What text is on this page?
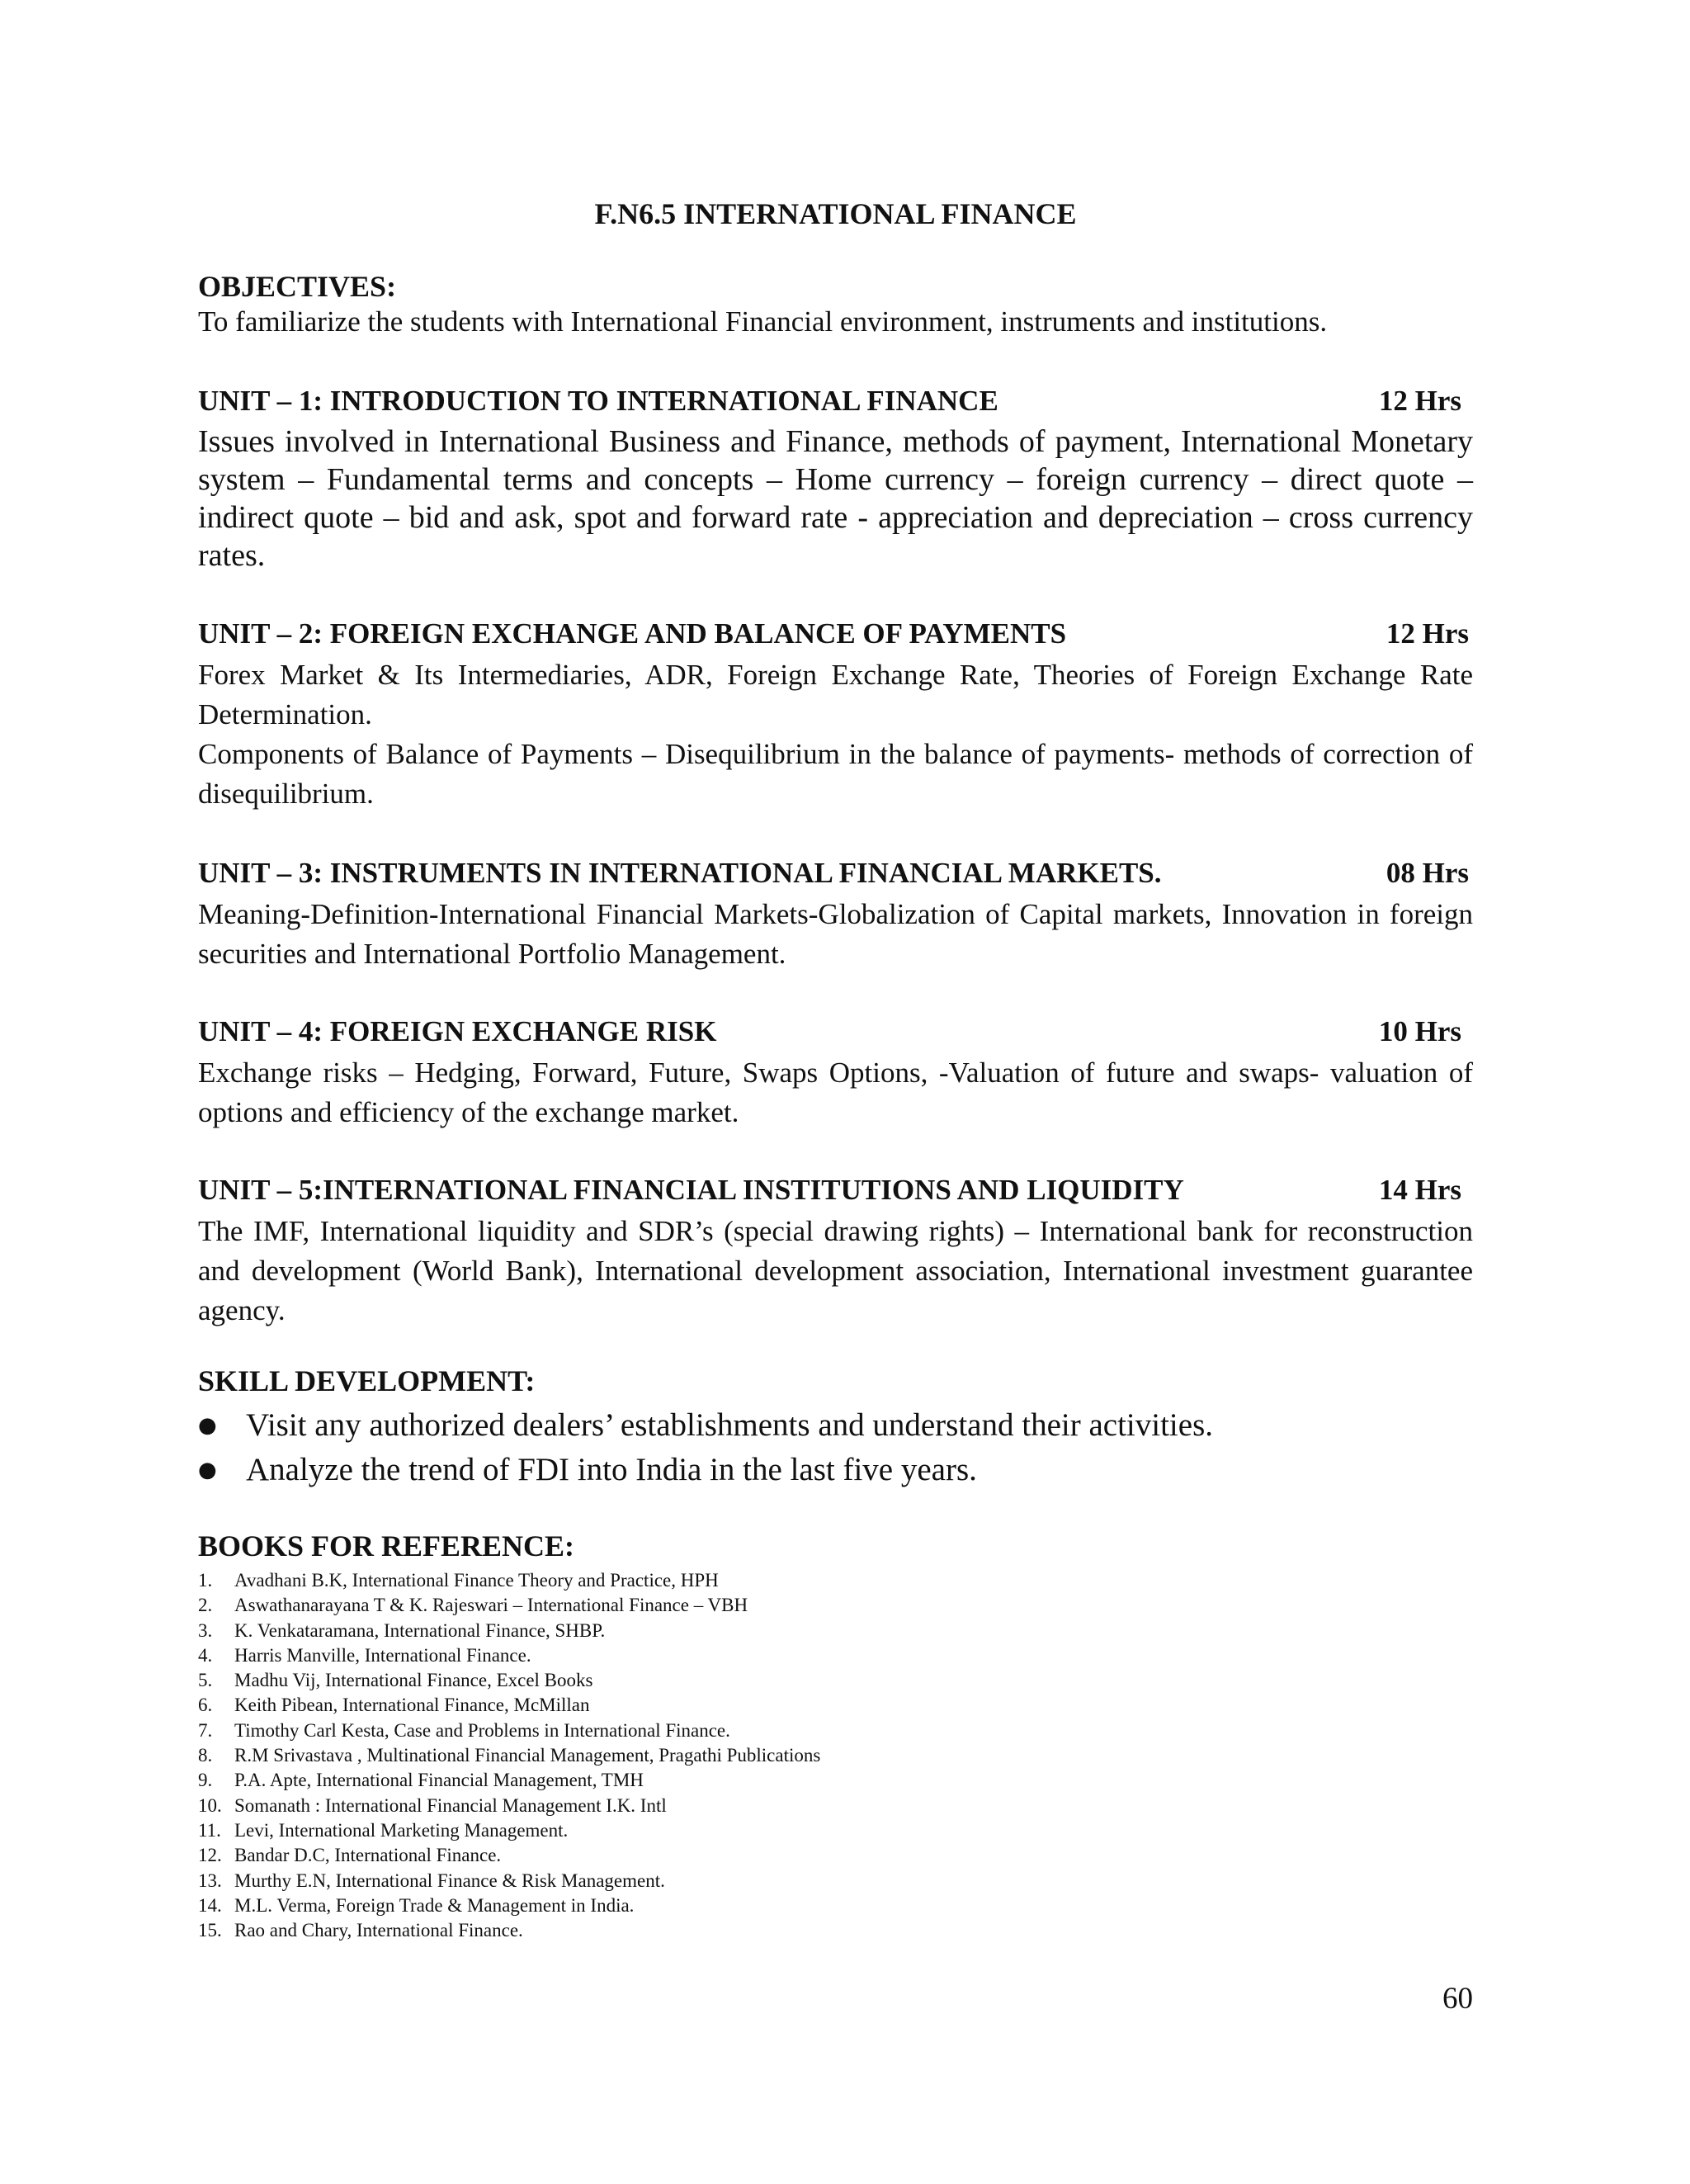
F.N6.5 INTERNATIONAL FINANCE
OBJECTIVES:

To familiarize the students with International Financial environment, instruments and institutions.

UNIT – 1: INTRODUCTION TO INTERNATIONAL FINANCE	12 Hrs

Issues involved in International Business and Finance, methods of payment, International Monetary system – Fundamental terms and concepts – Home currency – foreign currency – direct quote – indirect quote – bid and ask, spot and forward rate - appreciation and depreciation – cross currency rates.

UNIT – 2: FOREIGN EXCHANGE AND BALANCE OF PAYMENTS	12 Hrs

Forex Market & Its Intermediaries, ADR, Foreign Exchange Rate, Theories of Foreign Exchange Rate Determination.

Components of Balance of Payments – Disequilibrium in the balance of payments- methods of correction of disequilibrium.

UNIT – 3: INSTRUMENTS IN INTERNATIONAL FINANCIAL MARKETS.	08 Hrs

Meaning-Definition-International Financial Markets-Globalization of Capital markets, Innovation in foreign securities and International Portfolio Management.

UNIT – 4: FOREIGN EXCHANGE RISK	10 Hrs

Exchange risks – Hedging, Forward, Future, Swaps Options, -Valuation of future and swaps- valuation of options and efficiency of the exchange market.

UNIT – 5:INTERNATIONAL FINANCIAL INSTITUTIONS AND LIQUIDITY	14 Hrs

The IMF, International liquidity and SDR’s (special drawing rights) – International bank for reconstruction and development (World Bank), International development association, International investment guarantee agency.

SKILL DEVELOPMENT:
● Visit any authorized dealers’ establishments and understand their activities.
● Analyze the trend of FDI into India in the last five years.
BOOKS FOR REFERENCE:
1. Avadhani B.K, International Finance Theory and Practice, HPH
2. Aswathanarayana T & K. Rajeswari – International Finance – VBH
3. K. Venkataramana, International Finance, SHBP.
4. Harris Manville, International Finance.
5. Madhu Vij, International Finance, Excel Books
6. Keith Pibean, International Finance, McMillan
7. Timothy Carl Kesta, Case and Problems in International Finance.
8. R.M Srivastava , Multinational Financial Management, Pragathi Publications
9. P.A. Apte, International Financial Management, TMH
10. Somanath : International Financial Management I.K. Intl
11. Levi, International Marketing Management.
12. Bandar D.C, International Finance.
13. Murthy E.N, International Finance & Risk Management.
14. M.L. Verma, Foreign Trade & Management in India.
15. Rao and Chary, International Finance.

60
